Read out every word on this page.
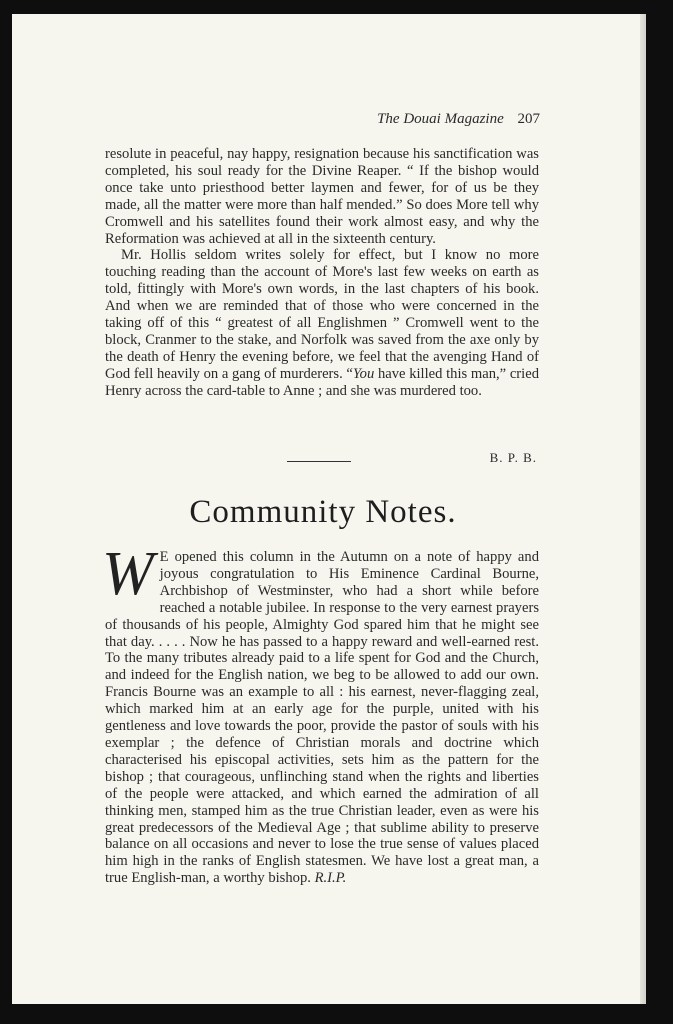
The Douai Magazine 207

resolute in peaceful, nay happy, resignation because his sanctification was completed, his soul ready for the Divine Reaper. “ If the bishop would once take unto priesthood better laymen and fewer, for of us be they made, all the matter were more than half mended.” So does More tell why Cromwell and his satellites found their work almost easy, and why the Reformation was achieved at all in the sixteenth century.

Mr. Hollis seldom writes solely for effect, but I know no more touching reading than the account of More's last few weeks on earth as told, fittingly with More's own words, in the last chapters of his book. And when we are reminded that of those who were concerned in the taking off of this “ greatest of all Englishmen ” Cromwell went to the block, Cranmer to the stake, and Norfolk was saved from the axe only by the death of Henry the evening before, we feel that the avenging Hand of God fell heavily on a gang of murderers. “You have killed this man,” cried Henry across the card-table to Anne ; and she was murdered too.

B. P. B.
Community Notes.

W E opened this column in the Autumn on a note of happy and joyous congratulation to His Eminence Cardinal Bourne, Archbishop of Westminster, who had a short while before reached a notable jubilee. In response to the very earnest prayers of thousands of his people, Almighty God spared him that he might see that day. . . . . Now he has passed to a happy reward and well-earned rest. To the many tributes already paid to a life spent for God and the Church, and indeed for the English nation, we beg to be allowed to add our own. Francis Bourne was an example to all : his earnest, never-flagging zeal, which marked him at an early age for the purple, united with his gentleness and love towards the poor, provide the pastor of souls with his exemplar ; the defence of Christian morals and doctrine which characterised his episcopal activities, sets him as the pattern for the bishop ; that courageous, unflinching stand when the rights and liberties of the people were attacked, and which earned the admiration of all thinking men, stamped him as the true Christian leader, even as were his great predecessors of the Medieval Age ; that sublime ability to preserve balance on all occasions and never to lose the true sense of values placed him high in the ranks of English statesmen. We have lost a great man, a true English-man, a worthy bishop. R.I.P.
